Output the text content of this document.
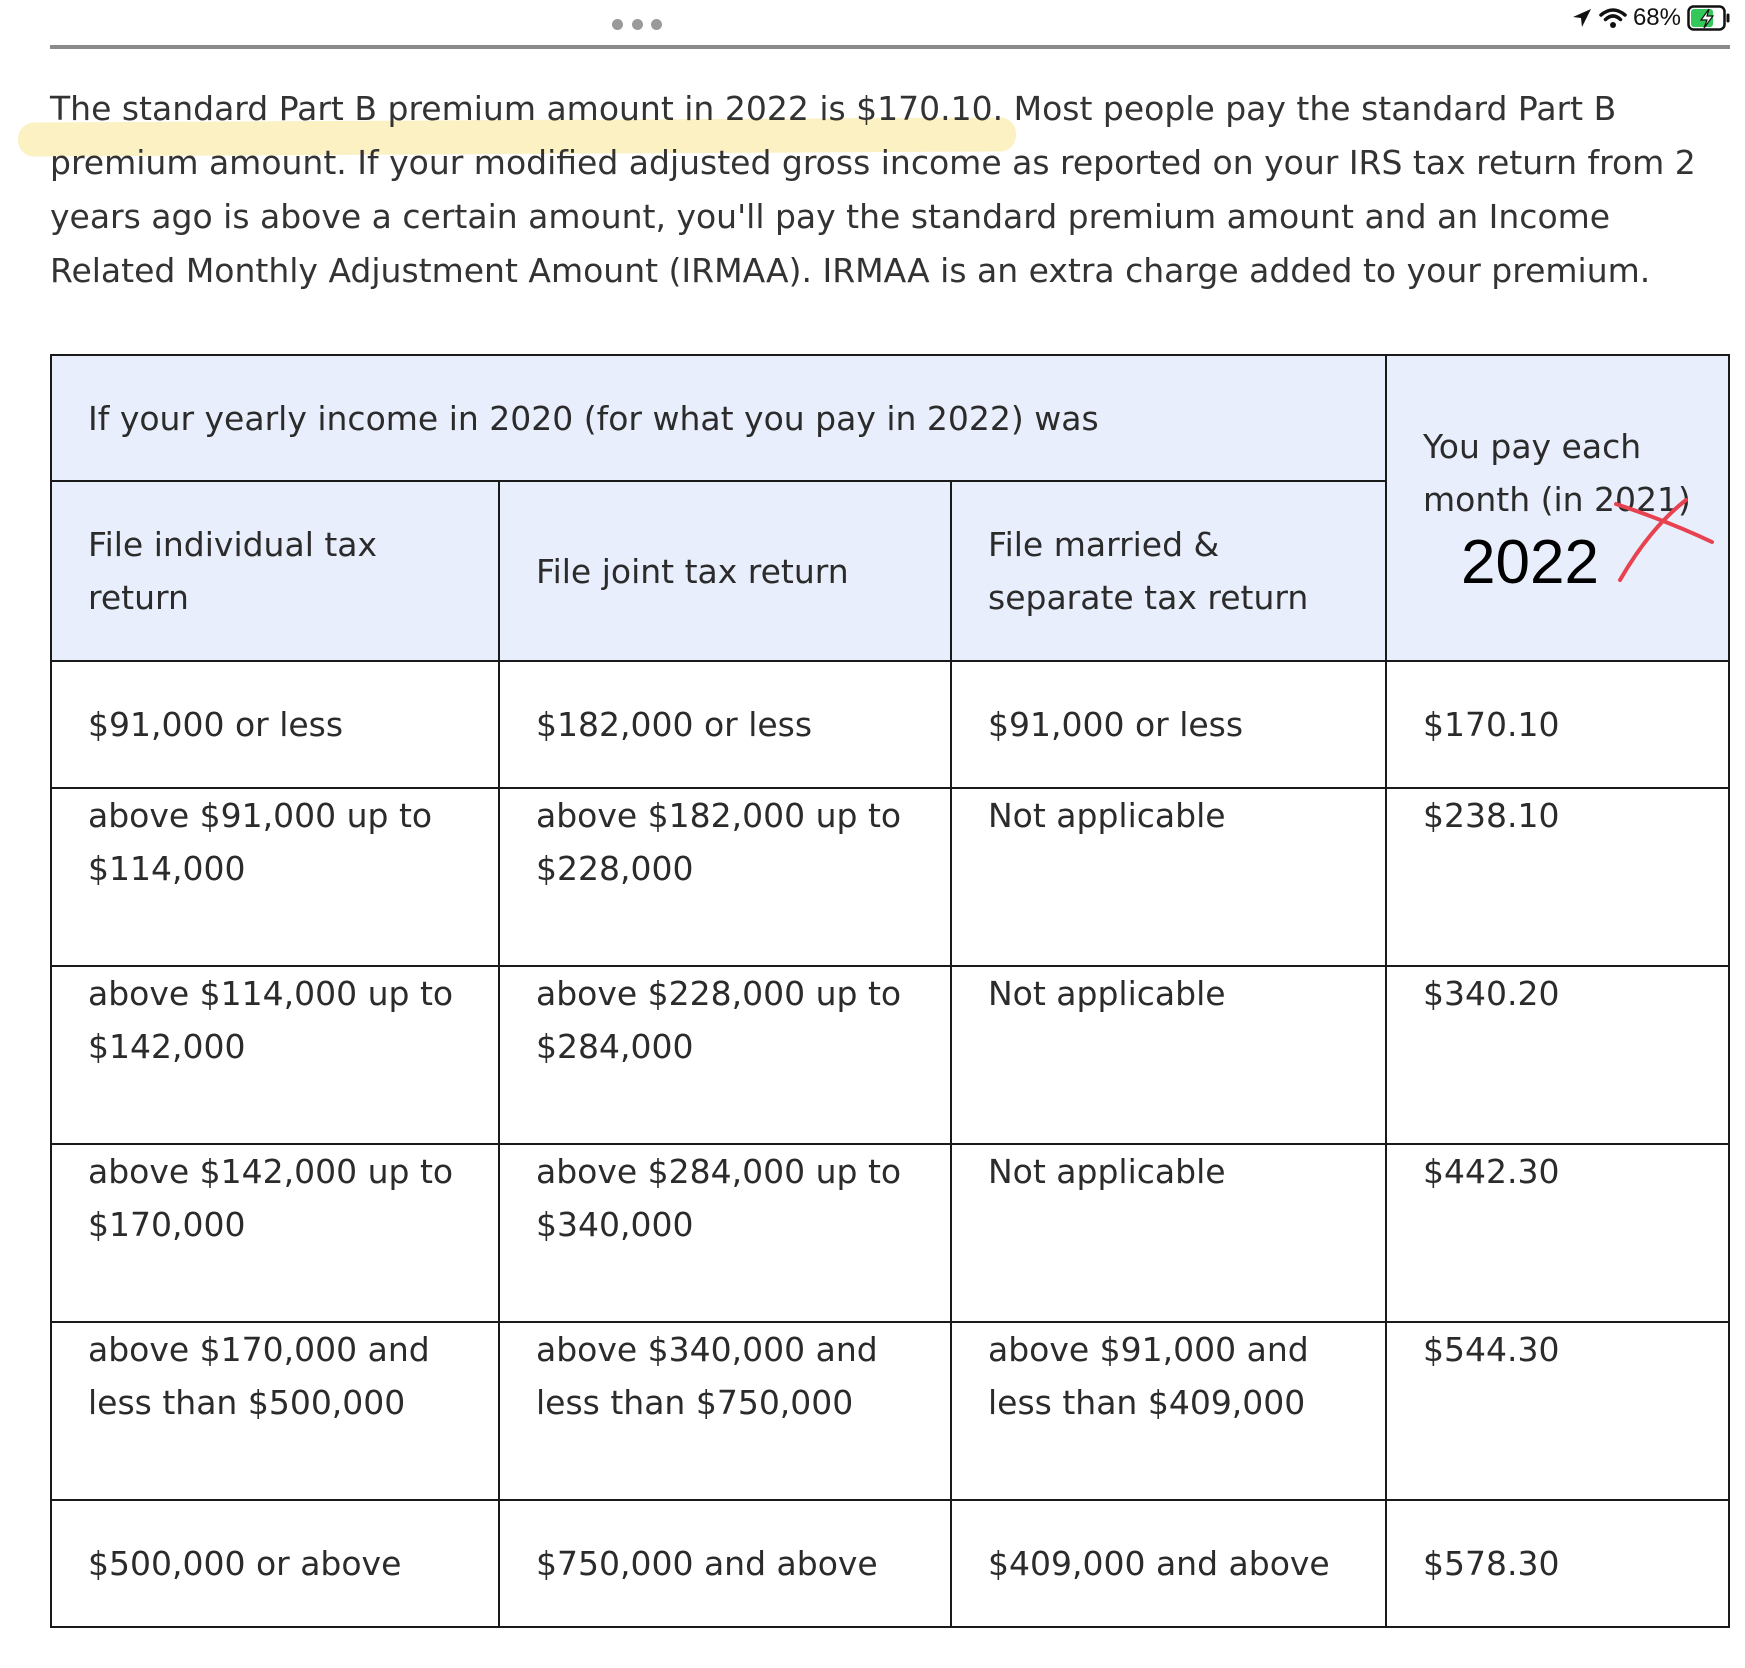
68%

The standard Part B premium amount in 2022 is $170.10. Most people pay the standard Part B premium amount. If your modified adjusted gross income as reported on your IRS tax return from 2 years ago is above a certain amount, you'll pay the standard premium amount and an Income Related Monthly Adjustment Amount (IRMAA). IRMAA is an extra charge added to your premium.

If your yearly income in 2020 (for what you pay in 2022) was			You pay each month (in 2021)
2022

File individual tax return	File joint tax return	File married & separate tax return	
$91,000 or less	$182,000 or less	$91,000 or less	$170.10
above $91,000 up to $114,000	above $182,000 up to $228,000	Not applicable	$238.10
above $114,000 up to $142,000	above $228,000 up to $284,000	Not applicable	$340.20
above $142,000 up to $170,000	above $284,000 up to $340,000	Not applicable	$442.30
above $170,000 and less than $500,000	above $340,000 and less than $750,000	above $91,000 and less than $409,000	$544.30
$500,000 or above	$750,000 and above	$409,000 and above	$578.30
